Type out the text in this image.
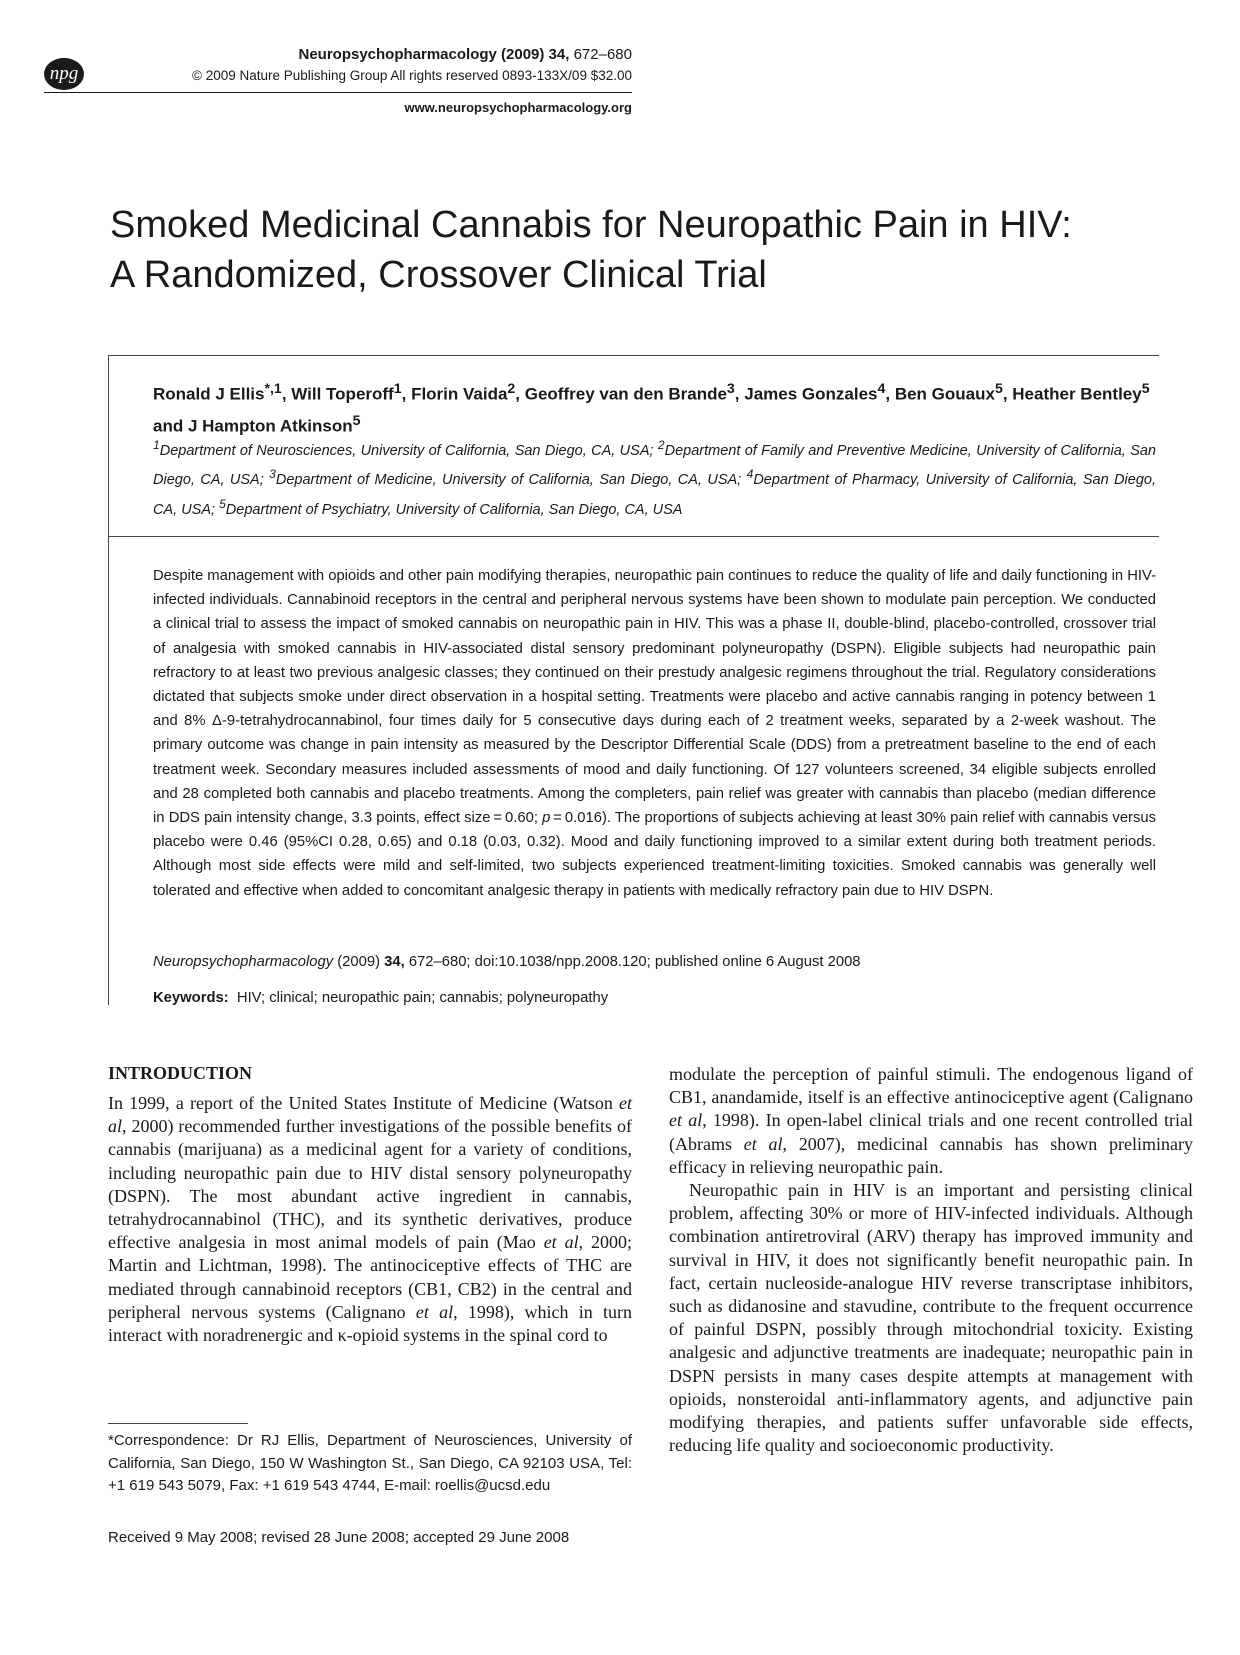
npg
Neuropsychopharmacology (2009) 34, 672–680
© 2009 Nature Publishing Group All rights reserved 0893-133X/09 $32.00
www.neuropsychopharmacology.org
Smoked Medicinal Cannabis for Neuropathic Pain in HIV:
A Randomized, Crossover Clinical Trial
Ronald J Ellis$^{*,1}$, Will Toperoff$^1$, Florin Vaida$^2$, Geoffrey van den Brande$^3$, James Gonzales$^4$, Ben Gouaux$^5$, Heather Bentley$^5$ and J Hampton Atkinson$^5$
$^1$Department of Neurosciences, University of California, San Diego, CA, USA; $^2$Department of Family and Preventive Medicine, University of California, San Diego, CA, USA; $^3$Department of Medicine, University of California, San Diego, CA, USA; $^4$Department of Pharmacy, University of California, San Diego, CA, USA; $^5$Department of Psychiatry, University of California, San Diego, CA, USA
Despite management with opioids and other pain modifying therapies, neuropathic pain continues to reduce the quality of life and daily functioning in HIV-infected individuals. Cannabinoid receptors in the central and peripheral nervous systems have been shown to modulate pain perception. We conducted a clinical trial to assess the impact of smoked cannabis on neuropathic pain in HIV. This was a phase II, double-blind, placebo-controlled, crossover trial of analgesia with smoked cannabis in HIV-associated distal sensory predominant polyneuropathy (DSPN). Eligible subjects had neuropathic pain refractory to at least two previous analgesic classes; they continued on their prestudy analgesic regimens throughout the trial. Regulatory considerations dictated that subjects smoke under direct observation in a hospital setting. Treatments were placebo and active cannabis ranging in potency between 1 and 8% Δ-9-tetrahydrocannabinol, four times daily for 5 consecutive days during each of 2 treatment weeks, separated by a 2-week washout. The primary outcome was change in pain intensity as measured by the Descriptor Differential Scale (DDS) from a pretreatment baseline to the end of each treatment week. Secondary measures included assessments of mood and daily functioning. Of 127 volunteers screened, 34 eligible subjects enrolled and 28 completed both cannabis and placebo treatments. Among the completers, pain relief was greater with cannabis than placebo (median difference in DDS pain intensity change, 3.3 points, effect size = 0.60; p = 0.016). The proportions of subjects achieving at least 30% pain relief with cannabis versus placebo were 0.46 (95%CI 0.28, 0.65) and 0.18 (0.03, 0.32). Mood and daily functioning improved to a similar extent during both treatment periods. Although most side effects were mild and self-limited, two subjects experienced treatment-limiting toxicities. Smoked cannabis was generally well tolerated and effective when added to concomitant analgesic therapy in patients with medically refractory pain due to HIV DSPN.
Neuropsychopharmacology (2009) 34, 672–680; doi:10.1038/npp.2008.120; published online 6 August 2008
Keywords:  HIV; clinical; neuropathic pain; cannabis; polyneuropathy
INTRODUCTION
In 1999, a report of the United States Institute of Medicine (Watson et al, 2000) recommended further investigations of the possible benefits of cannabis (marijuana) as a medicinal agent for a variety of conditions, including neuropathic pain due to HIV distal sensory polyneuropathy (DSPN). The most abundant active ingredient in cannabis, tetrahydrocannabinol (THC), and its synthetic derivatives, produce effective analgesia in most animal models of pain (Mao et al, 2000; Martin and Lichtman, 1998). The antinociceptive effects of THC are mediated through cannabinoid receptors (CB1, CB2) in the central and peripheral nervous systems (Calignano et al, 1998), which in turn interact with noradrenergic and κ-opioid systems in the spinal cord to

modulate the perception of painful stimuli. The endogenous ligand of CB1, anandamide, itself is an effective antinociceptive agent (Calignano et al, 1998). In open-label clinical trials and one recent controlled trial (Abrams et al, 2007), medicinal cannabis has shown preliminary efficacy in relieving neuropathic pain.

Neuropathic pain in HIV is an important and persisting clinical problem, affecting 30% or more of HIV-infected individuals. Although combination antiretroviral (ARV) therapy has improved immunity and survival in HIV, it does not significantly benefit neuropathic pain. In fact, certain nucleoside-analogue HIV reverse transcriptase inhibitors, such as didanosine and stavudine, contribute to the frequent occurrence of painful DSPN, possibly through mitochondrial toxicity. Existing analgesic and adjunctive treatments are inadequate; neuropathic pain in DSPN persists in many cases despite attempts at management with opioids, nonsteroidal anti-inflammatory agents, and adjunctive pain modifying therapies, and patients suffer unfavorable side effects, reducing life quality and socioeconomic productivity.

*Correspondence: Dr RJ Ellis, Department of Neurosciences, University of California, San Diego, 150 W Washington St., San Diego, CA 92103 USA, Tel: +1 619 543 5079, Fax: +1 619 543 4744, E-mail: roellis@ucsd.edu
Received 9 May 2008; revised 28 June 2008; accepted 29 June 2008
